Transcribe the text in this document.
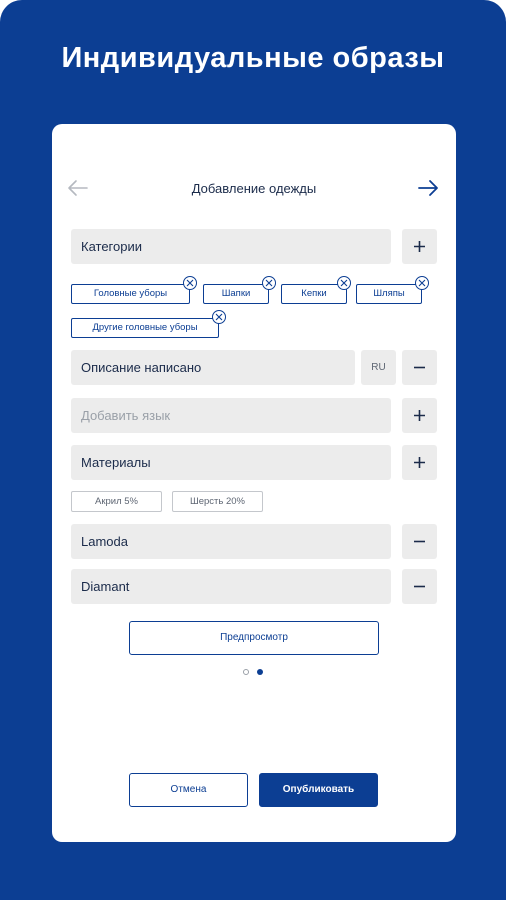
Индивидуальные образы
Добавление одежды
Категории
Головные уборы	Шапки	Кепки	Шляпы
Другие головные уборы
Описание написано	RU
Добавить язык
Материалы
Акрил 5%	Шерсть 20%
Lamoda
Diamant
Предпросмотр
Отмена	Опубликовать
